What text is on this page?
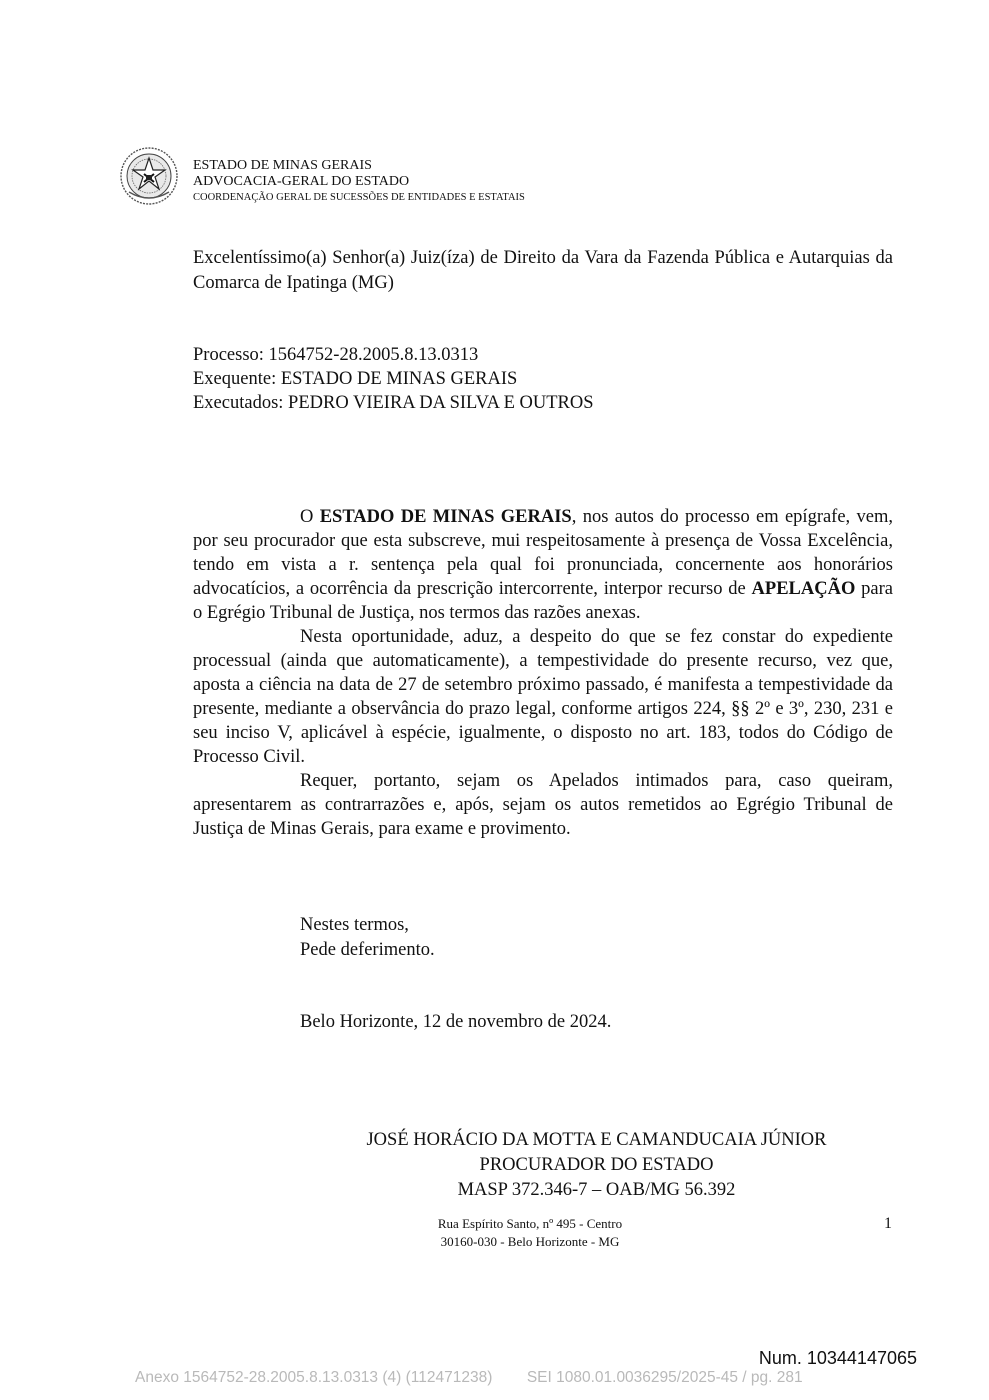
ESTADO DE MINAS GERAIS
ADVOCACIA-GERAL DO ESTADO
COORDENAÇÃO GERAL DE SUCESSÕES DE ENTIDADES E ESTATAIS
Excelentíssimo(a) Senhor(a) Juiz(íza) de Direito da Vara da Fazenda Pública e Autarquias da Comarca de Ipatinga (MG)
Processo: 1564752-28.2005.8.13.0313
Exequente: ESTADO DE MINAS GERAIS
Executados: PEDRO VIEIRA DA SILVA E OUTROS

O ESTADO DE MINAS GERAIS, nos autos do processo em epígrafe, vem, por seu procurador que esta subscreve, mui respeitosamente à presença de Vossa Excelência, tendo em vista a r. sentença pela qual foi pronunciada, concernente aos honorários advocatícios, a ocorrência da prescrição intercorrente, interpor recurso de APELAÇÃO para o Egrégio Tribunal de Justiça, nos termos das razões anexas.

Nesta oportunidade, aduz, a despeito do que se fez constar do expediente processual (ainda que automaticamente), a tempestividade do presente recurso, vez que, aposta a ciência na data de 27 de setembro próximo passado, é manifesta a tempestividade da presente, mediante a observância do prazo legal, conforme artigos 224, §§ 2º e 3º, 230, 231 e seu inciso V, aplicável à espécie, igualmente, o disposto no art. 183, todos do Código de Processo Civil.

Requer, portanto, sejam os Apelados intimados para, caso queiram, apresentarem as contrarrazões e, após, sejam os autos remetidos ao Egrégio Tribunal de Justiça de Minas Gerais, para exame e provimento.

Nestes termos,
Pede deferimento.
Belo Horizonte, 12 de novembro de 2024.
JOSÉ HORÁCIO DA MOTTA E CAMANDUCAIA JÚNIOR
PROCURADOR DO ESTADO
MASP 372.346-7 – OAB/MG 56.392
Rua Espírito Santo, nº 495 - Centro
30160-030 - Belo Horizonte - MG
1
Num. 10344147065
Anexo 1564752-28.2005.8.13.0313 (4) (112471238)        SEI 1080.01.0036295/2025-45 / pg. 281
